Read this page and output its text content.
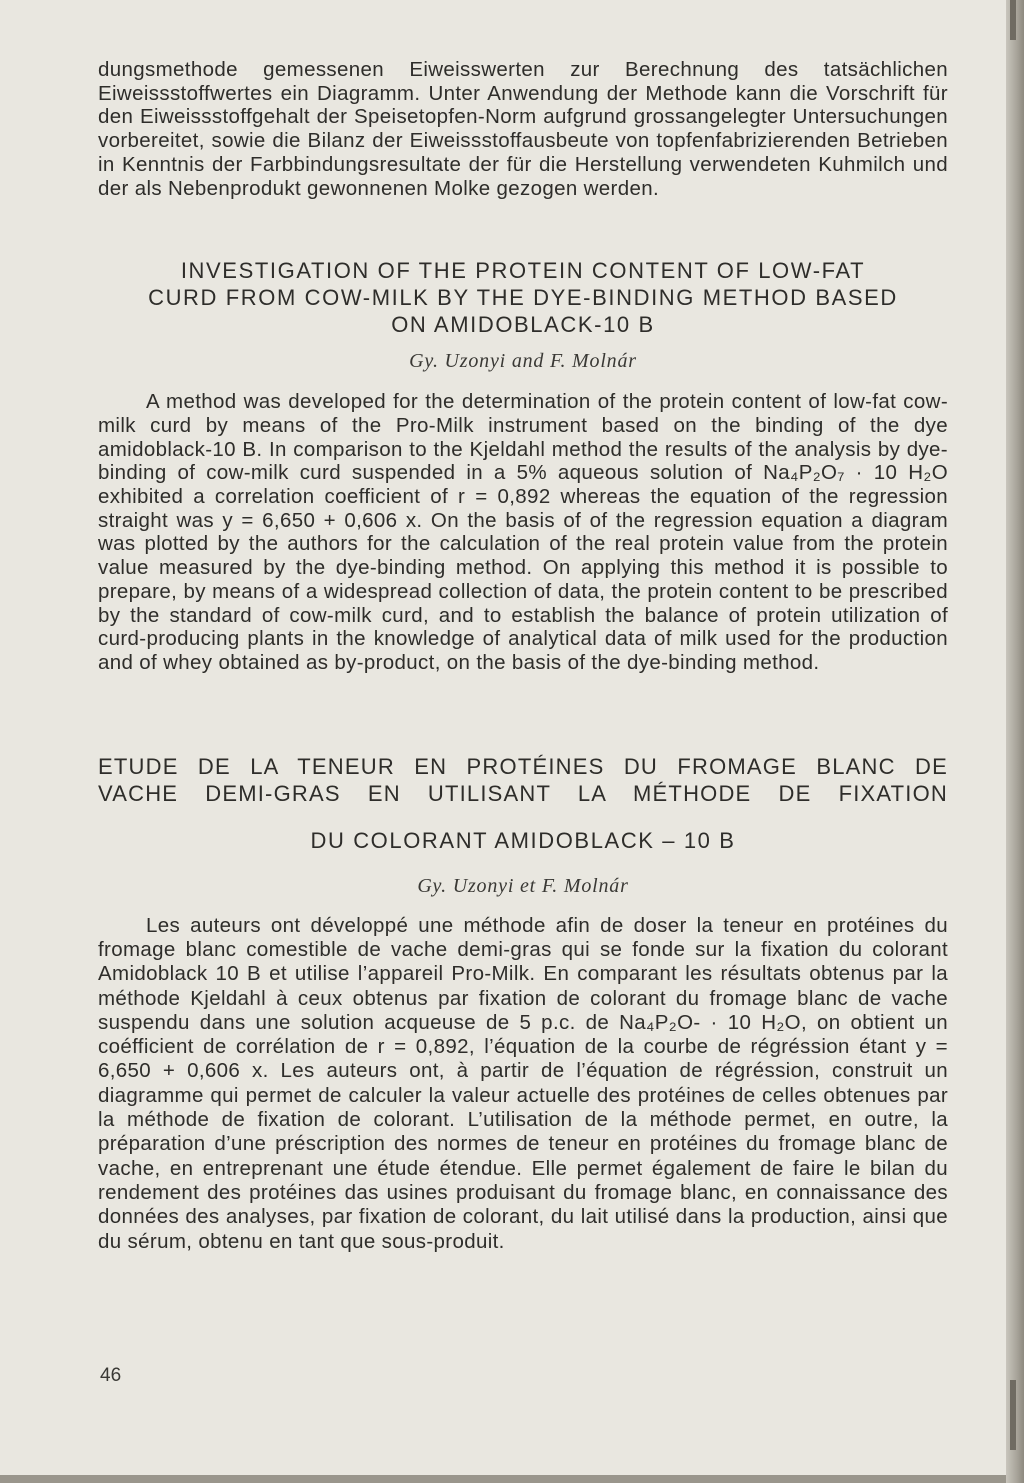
dungsmethode gemessenen Eiweisswerten zur Berechnung des tatsächlichen Eiweissstoffwertes ein Diagramm. Unter Anwendung der Methode kann die Vorschrift für den Eiweissstoffgehalt der Speisetopfen-Norm aufgrund grossangelegter Untersuchungen vorbereitet, sowie die Bilanz der Eiweissstoffausbeute von topfenfabrizierenden Betrieben in Kenntnis der Farbbindungsresultate der für die Herstellung verwendeten Kuhmilch und der als Nebenprodukt gewonnenen Molke gezogen werden.

INVESTIGATION OF THE PROTEIN CONTENT OF LOW-FAT
CURD FROM COW-MILK BY THE DYE-BINDING METHOD BASED
ON AMIDOBLACK-10 B

Gy. Uzonyi and F. Molnár

A method was developed for the determination of the protein content of low-fat cow-milk curd by means of the Pro-Milk instrument based on the binding of the dye amidoblack-10 B. In comparison to the Kjeldahl method the results of the analysis by dye-binding of cow-milk curd suspended in a 5% aqueous solution of Na₄P₂O₇ · 10 H₂O exhibited a correlation coefficient of r = 0,892 whereas the equation of the regression straight was y = 6,650 + 0,606 x. On the basis of of the regression equation a diagram was plotted by the authors for the calculation of the real protein value from the protein value measured by the dye-binding method. On applying this method it is possible to prepare, by means of a widespread collection of data, the protein content to be prescribed by the standard of cow-milk curd, and to establish the balance of protein utilization of curd-producing plants in the knowledge of analytical data of milk used for the production and of whey obtained as by-product, on the basis of the dye-binding method.

ETUDE DE LA TENEUR EN PROTÉINES DU FROMAGE BLANC DE

VACHE DEMI-GRAS EN UTILISANT LA MÉTHODE DE FIXATION

DU COLORANT AMIDOBLACK – 10 B

Gy. Uzonyi et F. Molnár

Les auteurs ont développé une méthode afin de doser la teneur en protéines du fromage blanc comestible de vache demi-gras qui se fonde sur la fixation du colorant Amidoblack 10 B et utilise l’appareil Pro-Milk. En comparant les résultats obtenus par la méthode Kjeldahl à ceux obtenus par fixation de colorant du fromage blanc de vache suspendu dans une solution acqueuse de 5 p.c. de Na₄P₂O- · 10 H₂O, on obtient un coéfficient de corrélation de r = 0,892, l’équation de la courbe de régréssion étant y = 6,650 + 0,606 x. Les auteurs ont, à partir de l’équation de régréssion, construit un diagramme qui permet de calculer la valeur actuelle des protéines de celles obtenues par la méthode de fixation de colorant. L’utilisation de la méthode permet, en outre, la préparation d’une préscription des normes de teneur en protéines du fromage blanc de vache, en entreprenant une étude étendue. Elle permet également de faire le bilan du rendement des protéines das usines produisant du fromage blanc, en connaissance des données des analyses, par fixation de colorant, du lait utilisé dans la production, ainsi que du sérum, obtenu en tant que sous-produit.

46
